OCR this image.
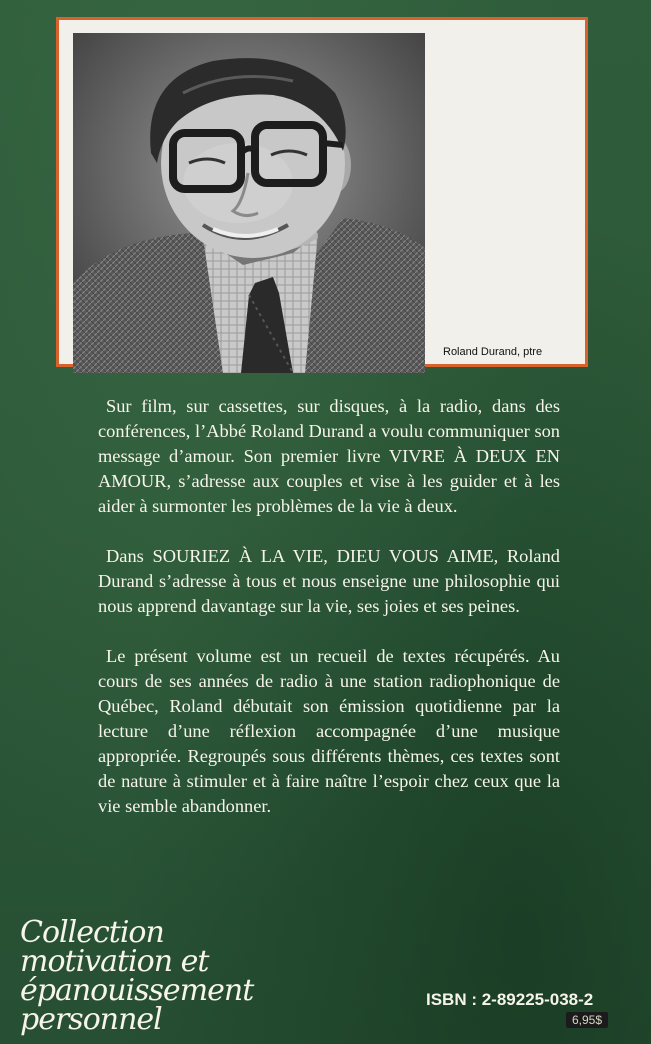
Roland Durand, ptre

Sur film, sur cassettes, sur disques, à la radio, dans des conférences, l’Abbé Roland Durand a voulu communiquer son message d’amour. Son premier livre VIVRE À DEUX EN AMOUR, s’adresse aux couples et vise à les guider et à les aider à surmonter les problèmes de la vie à deux.

Dans SOURIEZ À LA VIE, DIEU VOUS AIME, Roland Durand s’adresse à tous et nous enseigne une philosophie qui nous apprend davantage sur la vie, ses joies et ses peines.

Le présent volume est un recueil de textes récupérés. Au cours de ses années de radio à une station radiophonique de Québec, Roland débutait son émission quotidienne par la lecture d’une réflexion accompagnée d’une musique appropriée. Regroupés sous différents thèmes, ces textes sont de nature à stimuler et à faire naître l’espoir chez ceux que la vie semble abandonner.

Collection
motivation et
épanouissement
personnel
ISBN : 2-89225-038-2
6,95$
